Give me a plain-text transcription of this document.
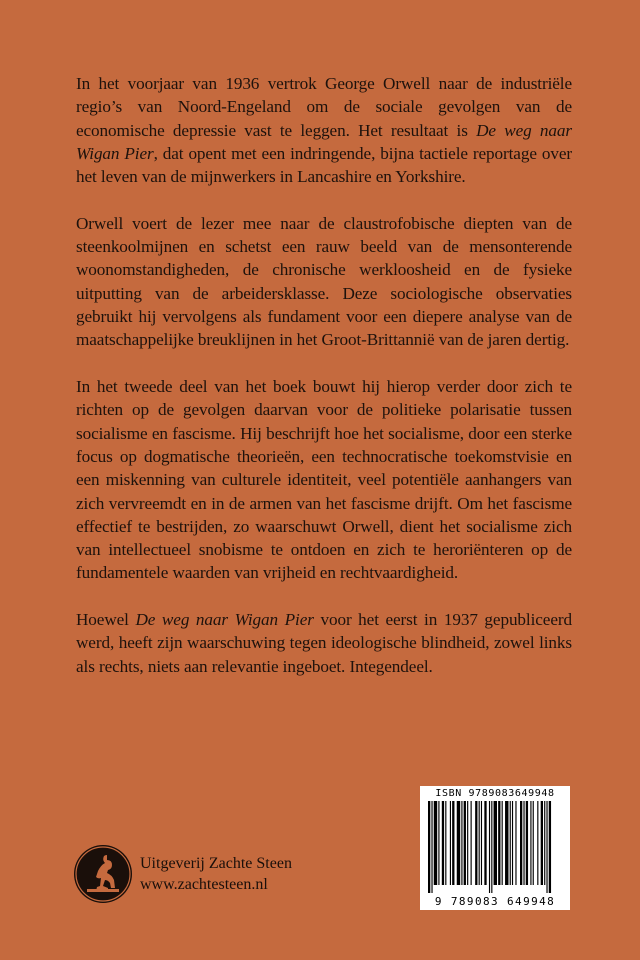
In het voorjaar van 1936 vertrok George Orwell naar de industriële regio’s van Noord-Engeland om de sociale gevolgen van de economische depressie vast te leggen. Het resultaat is De weg naar Wigan Pier, dat opent met een indringende, bijna tactiele reportage over het leven van de mijnwerkers in Lancashire en Yorkshire.

Orwell voert de lezer mee naar de claustrofobische diepten van de steenkoolmijnen en schetst een rauw beeld van de mensonterende woonomstandigheden, de chronische werkloosheid en de fysieke uitputting van de arbeidersklasse. Deze sociologische observaties gebruikt hij vervolgens als fundament voor een diepere analyse van de maatschappelijke breuklijnen in het Groot-Brittannië van de jaren dertig.

In het tweede deel van het boek bouwt hij hierop verder door zich te richten op de gevolgen daarvan voor de politieke polarisatie tussen socialisme en fascisme. Hij beschrijft hoe het socialisme, door een sterke focus op dogmatische theorieën, een technocratische toekomstvisie en een miskenning van culturele identiteit, veel potentiële aanhangers van zich vervreemdt en in de armen van het fascisme drijft. Om het fascisme effectief te bestrijden, zo waarschuwt Orwell, dient het socialisme zich van intellectueel snobisme te ontdoen en zich te heroriënteren op de fundamentele waarden van vrijheid en rechtvaardigheid.

Hoewel De weg naar Wigan Pier voor het eerst in 1937 gepubliceerd werd, heeft zijn waarschuwing tegen ideologische blindheid, zowel links als rechts, niets aan relevantie ingeboet. Integendeel.

Uitgeverij Zachte Steen
www.zachtesteen.nl
ISBN 9789083649948
9 789083 649948
